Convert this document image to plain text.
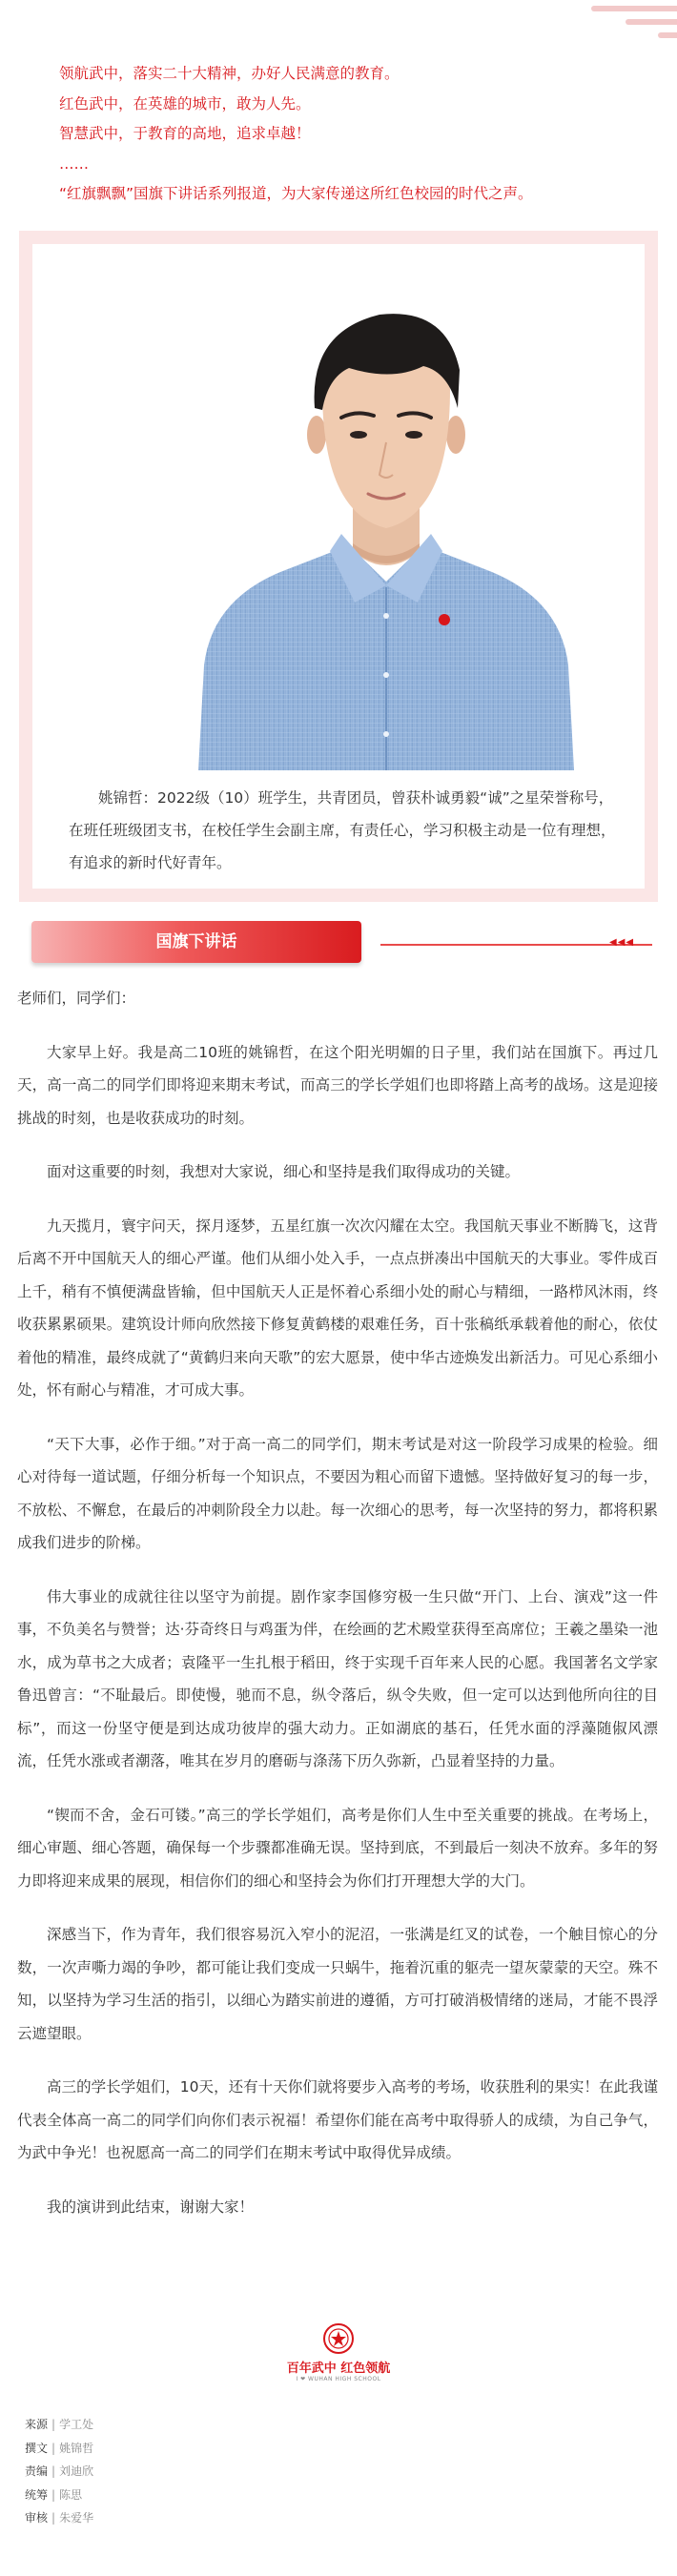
领航武中，落实二十大精神，办好人民满意的教育。

红色武中，在英雄的城市，敢为人先。

智慧武中，于教育的高地，追求卓越！

……

“红旗飘飘”国旗下讲话系列报道，为大家传递这所红色校园的时代之声。

姚锦哲：2022级（10）班学生，共青团员，曾获朴诚勇毅“诚”之星荣誉称号，在班任班级团支书，在校任学生会副主席，有责任心，学习积极主动是一位有理想，有追求的新时代好青年。
国旗下讲话	◀◀◀

老师们，同学们：

大家早上好。我是高二10班的姚锦哲，在这个阳光明媚的日子里，我们站在国旗下。再过几天，高一高二的同学们即将迎来期末考试，而高三的学长学姐们也即将踏上高考的战场。这是迎接挑战的时刻，也是收获成功的时刻。

面对这重要的时刻，我想对大家说，细心和坚持是我们取得成功的关键。

九天揽月，寰宇问天，探月逐梦，五星红旗一次次闪耀在太空。我国航天事业不断腾飞，这背后离不开中国航天人的细心严谨。他们从细小处入手，一点点拼凑出中国航天的大事业。零件成百上千，稍有不慎便满盘皆输，但中国航天人正是怀着心系细小处的耐心与精细，一路栉风沐雨，终收获累累硕果。建筑设计师向欣然接下修复黄鹤楼的艰难任务，百十张稿纸承载着他的耐心，依仗着他的精准，最终成就了“黄鹤归来向天歌”的宏大愿景，使中华古迹焕发出新活力。可见心系细小处，怀有耐心与精准，才可成大事。

“天下大事，必作于细。”对于高一高二的同学们，期末考试是对这一阶段学习成果的检验。细心对待每一道试题，仔细分析每一个知识点，不要因为粗心而留下遗憾。坚持做好复习的每一步，不放松、不懈怠，在最后的冲刺阶段全力以赴。每一次细心的思考，每一次坚持的努力，都将积累成我们进步的阶梯。

伟大事业的成就往往以坚守为前提。剧作家李国修穷极一生只做“开门、上台、演戏”这一件事，不负美名与赞誉；达·芬奇终日与鸡蛋为伴，在绘画的艺术殿堂获得至高席位；王羲之墨染一池水，成为草书之大成者；袁隆平一生扎根于稻田，终于实现千百年来人民的心愿。我国著名文学家鲁迅曾言：“不耻最后。即使慢，驰而不息，纵令落后，纵令失败，但一定可以达到他所向往的目标”，而这一份坚守便是到达成功彼岸的强大动力。正如湖底的基石，任凭水面的浮藻随俶风漂流，任凭水涨或者潮落，唯其在岁月的磨砺与涤荡下历久弥新，凸显着坚持的力量。

“锲而不舍，金石可镂。”高三的学长学姐们，高考是你们人生中至关重要的挑战。在考场上，细心审题、细心答题，确保每一个步骤都准确无误。坚持到底，不到最后一刻决不放弃。多年的努力即将迎来成果的展现，相信你们的细心和坚持会为你们打开理想大学的大门。

深感当下，作为青年，我们很容易沉入窄小的泥沼，一张满是红叉的试卷，一个触目惊心的分数，一次声嘶力竭的争吵，都可能让我们变成一只蜗牛，拖着沉重的躯壳一望灰蒙蒙的天空。殊不知，以坚持为学习生活的指引，以细心为踏实前进的遵循，方可打破消极情绪的迷局，才能不畏浮云遮望眼。

高三的学长学姐们，10天，还有十天你们就将要步入高考的考场，收获胜利的果实！在此我谨代表全体高一高二的同学们向你们表示祝福！希望你们能在高考中取得骄人的成绩，为自己争气，为武中争光！也祝愿高一高二的同学们在期末考试中取得优异成绩。

我的演讲到此结束，谢谢大家！

百年武中 红色领航
I ❤ WUHAN HIGH SCHOOL
来源 | 学工处
撰文 | 姚锦哲
责编 | 刘迪欣
统筹 | 陈思
审核 | 朱爱华
